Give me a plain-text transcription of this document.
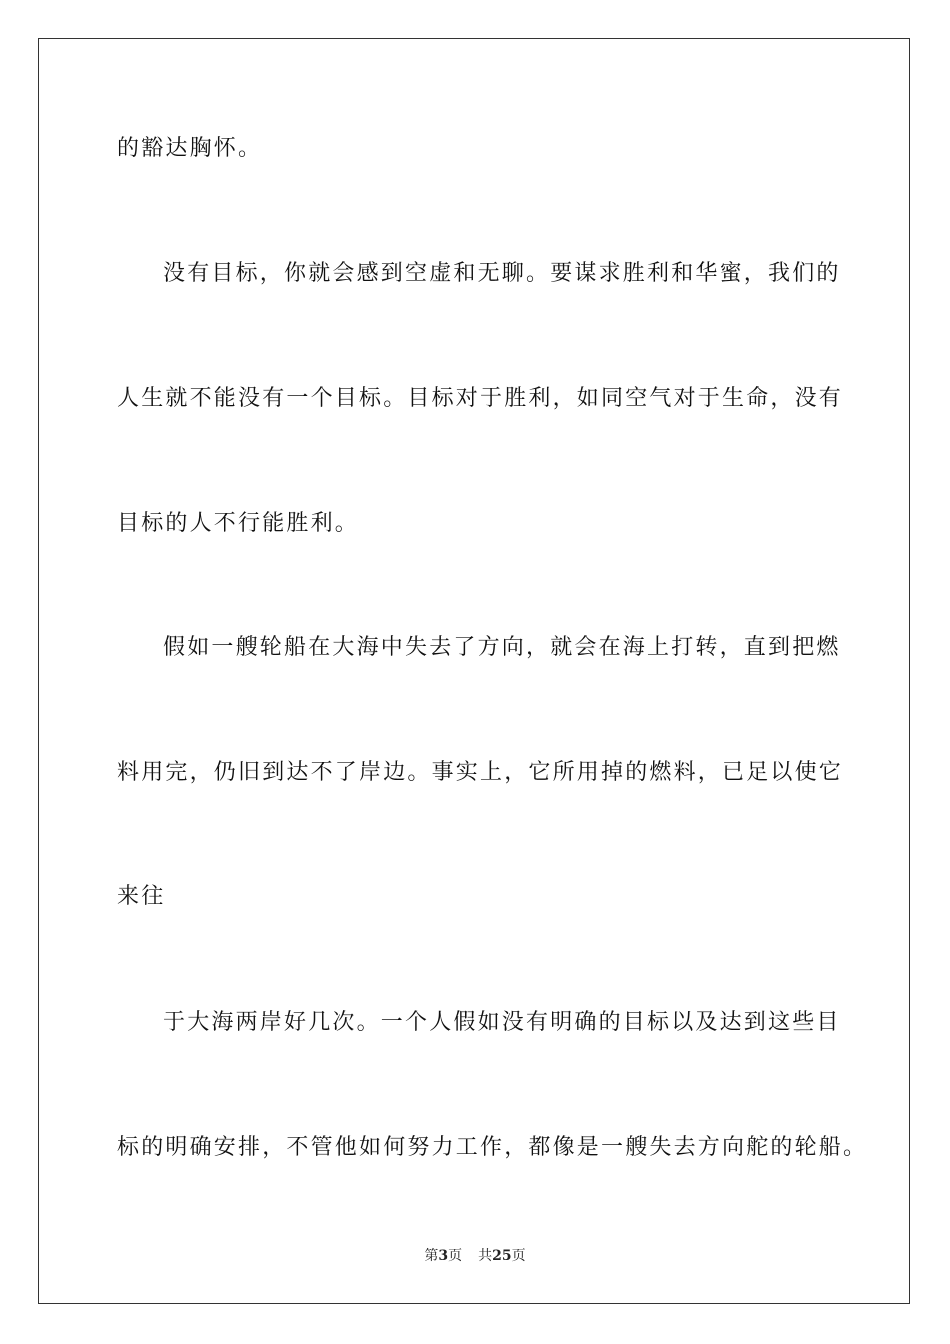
的豁达胸怀。
没有目标，你就会感到空虚和无聊。要谋求胜利和华蜜，我们的
人生就不能没有一个目标。目标对于胜利，如同空气对于生命，没有
目标的人不行能胜利。
假如一艘轮船在大海中失去了方向，就会在海上打转，直到把燃
料用完，仍旧到达不了岸边。事实上，它所用掉的燃料，已足以使它
来往
于大海两岸好几次。一个人假如没有明确的目标以及达到这些目
标的明确安排，不管他如何努力工作，都像是一艘失去方向舵的轮船。
第3页 共25页
